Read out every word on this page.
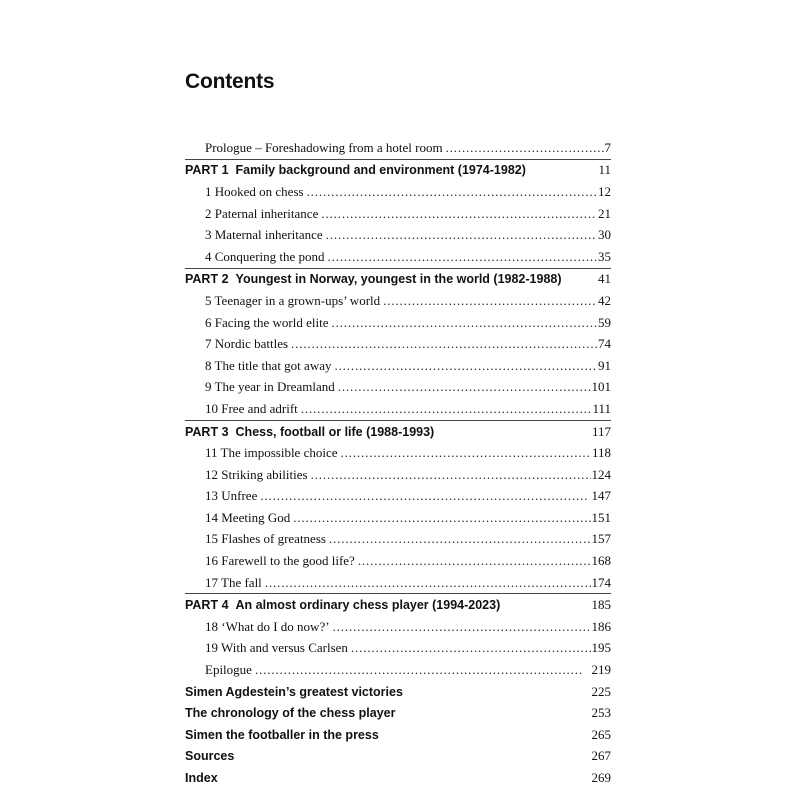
Contents
Prologue – Foreshadowing from a hotel room . . .	7
PART 1 Family background and environment (1974-1982)	11
1 Hooked on chess . . .	12
2 Paternal inheritance . . .	21
3 Maternal inheritance . . .	30
4 Conquering the pond . . .	35
PART 2 Youngest in Norway, youngest in the world (1982-1988)	41
5 Teenager in a grown-ups’ world . . .	42
6 Facing the world elite . . .	59
7 Nordic battles . . .	74
8 The title that got away . . .	91
9 The year in Dreamland . . .	101
10 Free and adrift . . .	111
PART 3 Chess, football or life (1988-1993)	117
11 The impossible choice . . .	118
12 Striking abilities . . .	124
13 Unfree . . .	147
14 Meeting God . . .	151
15 Flashes of greatness . . .	157
16 Farewell to the good life? . . .	168
17 The fall . . .	174
PART 4 An almost ordinary chess player (1994-2023)	185
18 ‘What do I do now?’ . . .	186
19 With and versus Carlsen . . .	195
Epilogue . . .	219
Simen Agdestein’s greatest victories	225
The chronology of the chess player	253
Simen the footballer in the press	265
Sources	267
Index	269
